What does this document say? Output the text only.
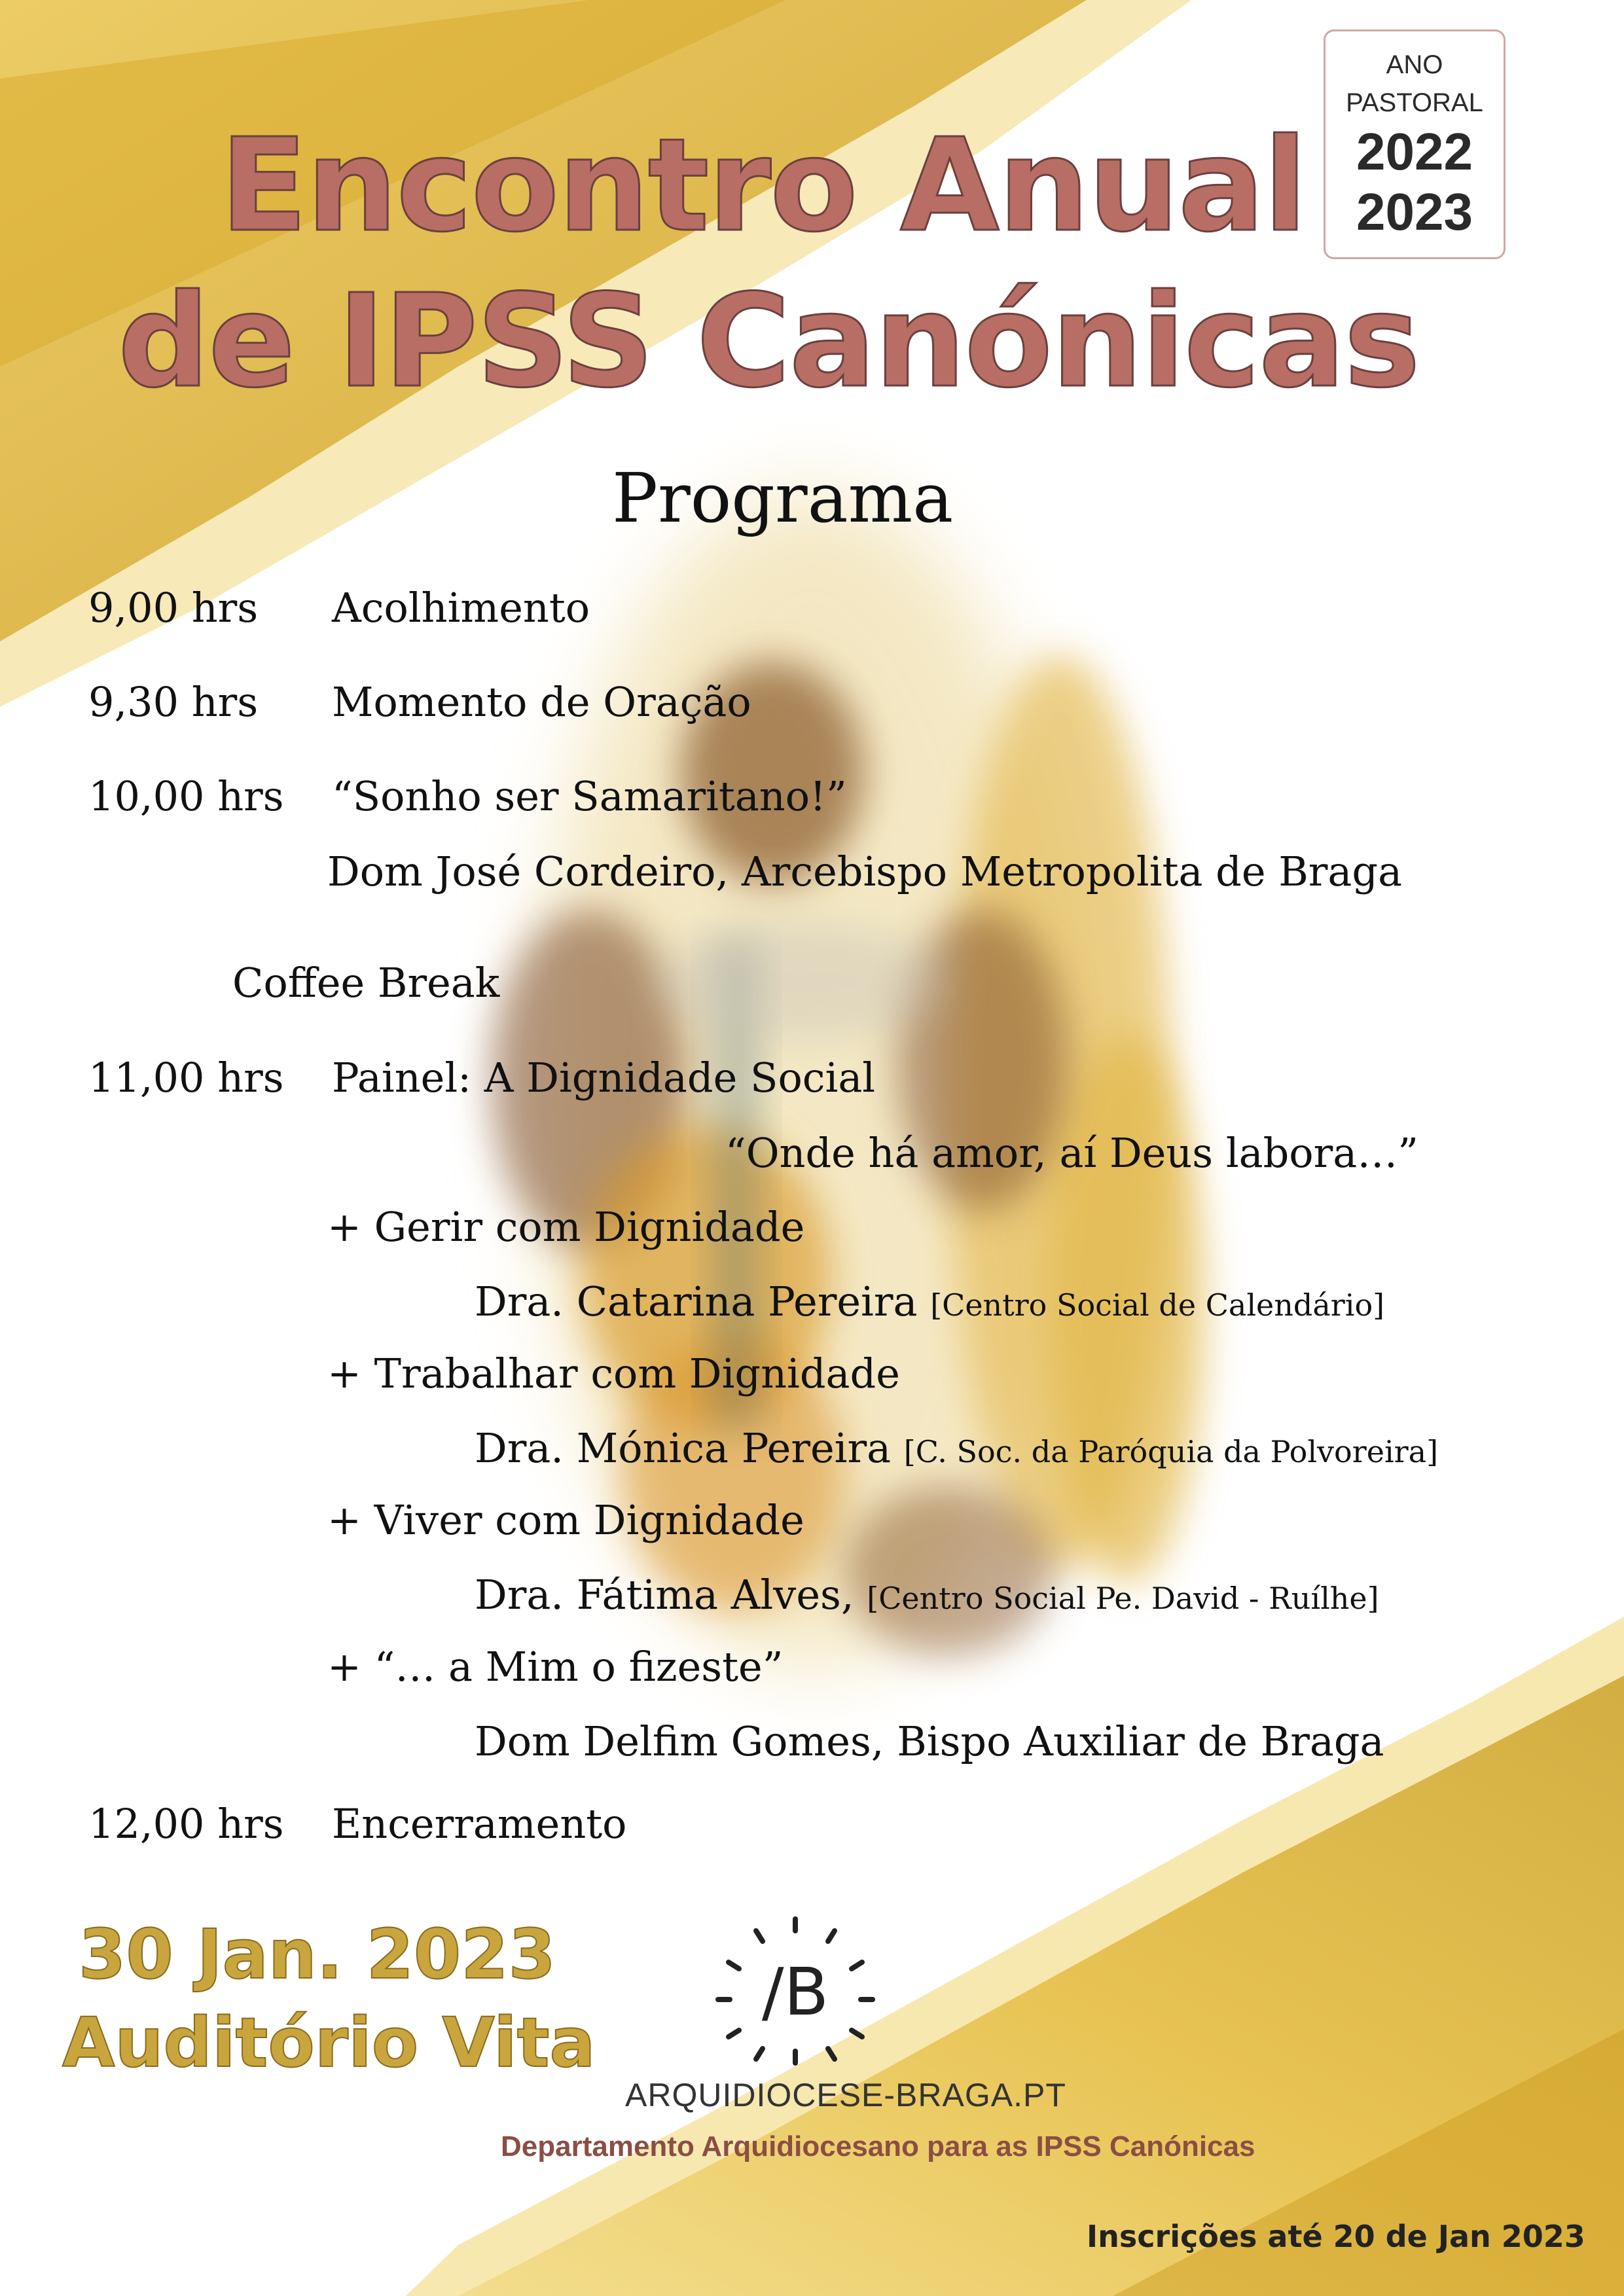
ANO
PASTORAL
2022
2023
Encontro Anual
de IPSS Canónicas
Programa
9,00 hrs Acolhimento
9,30 hrs Momento de Oração
10,00 hrs “Sonho ser Samaritano!”
Dom José Cordeiro, Arcebispo Metropolita de Braga
Coffee Break
11,00 hrs Painel: A Dignidade Social
“Onde há amor, aí Deus labora…”
+ Gerir com Dignidade
Dra. Catarina Pereira [Centro Social de Calendário]
+ Trabalhar com Dignidade
Dra. Mónica Pereira [C. Soc. da Paróquia da Polvoreira]
+ Viver com Dignidade
Dra. Fátima Alves, [Centro Social Pe. David - Ruílhe]
+ “… a Mim o fizeste”
Dom Delfim Gomes, Bispo Auxiliar de Braga
12,00 hrs Encerramento
30 Jan. 2023
Auditório Vita
/B
ARQUIDIOCESE-BRAGA.PT
Departamento Arquidiocesano para as IPSS Canónicas
Inscrições até 20 de Jan 2023
